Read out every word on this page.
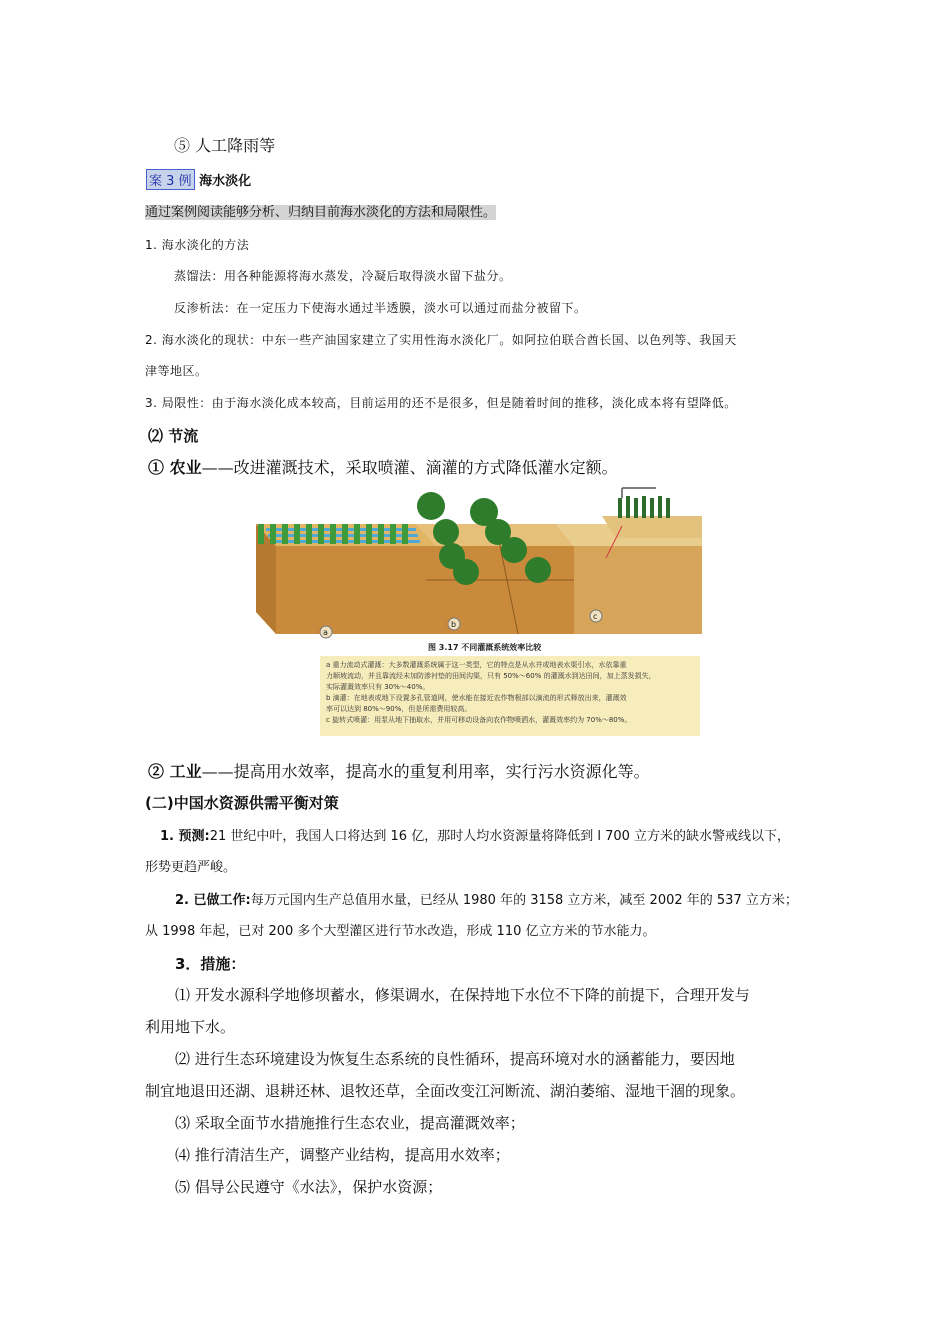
⑤ 人工降雨等
案 3 例 海水淡化
通过案例阅读能够分析、归纳目前海水淡化的方法和局限性。
1. 海水淡化的方法
蒸馏法：用各种能源将海水蒸发，冷凝后取得淡水留下盐分。
反渗析法：在一定压力下使海水通过半透膜，淡水可以通过而盐分被留下。
2. 海水淡化的现状：中东一些产油国家建立了实用性海水淡化厂。如阿拉伯联合酋长国、以色列等、我国天
津等地区。
3. 局限性：由于海水淡化成本较高，目前运用的还不是很多，但是随着时间的推移，淡化成本将有望降低。
⑵ 节流
① 农业——改进灌溉技术，采取喷灌、滴灌的方式降低灌水定额。
a
b
c
图 3.17 不同灌溉系统效率比较
a 重力流动式灌溉：大多数灌溉系统属于这一类型，它的特点是从水井或地表水渠引水，水依靠重
力顺坡流动，并且靠流经未加防渗衬垫的田间沟渠，只有 50%～60% 的灌溉水到达田间，加上蒸发损失，
实际灌溉效率只有 30%～40%。
b 滴灌：在地表或地下设置多孔管道网，使水能在接近农作物根部以滴流的形式释放出来，灌溉效
率可以达到 80%～90%，但是所需费用较高。
c 旋转式喷灌：用泵从地下抽取水，并用可移动设备向农作物喷洒水，灌溉效率约为 70%～80%。
② 工业——提高用水效率，提高水的重复利用率，实行污水资源化等。
(二)中国水资源供需平衡对策
1. 预测:21 世纪中叶，我国人口将达到 16 亿，那时人均水资源量将降低到 l 700 立方米的缺水警戒线以下，
形势更趋严峻。
2. 已做工作:每万元国内生产总值用水量，已经从 1980 年的 3158 立方米，减至 2002 年的 537 立方米；
从 1998 年起，已对 200 多个大型灌区进行节水改造，形成 110 亿立方米的节水能力。
3．措施：
⑴ 开发水源科学地修坝蓄水，修渠调水，在保持地下水位不下降的前提下，合理开发与
利用地下水。
⑵ 进行生态环境建设为恢复生态系统的良性循环，提高环境对水的涵蓄能力，要因地
制宜地退田还湖、退耕还林、退牧还草，全面改变江河断流、湖泊萎缩、湿地干涸的现象。
⑶ 采取全面节水措施推行生态农业，提高灌溉效率；
⑷ 推行清洁生产，调整产业结构，提高用水效率；
⑸ 倡导公民遵守《水法》，保护水资源；
